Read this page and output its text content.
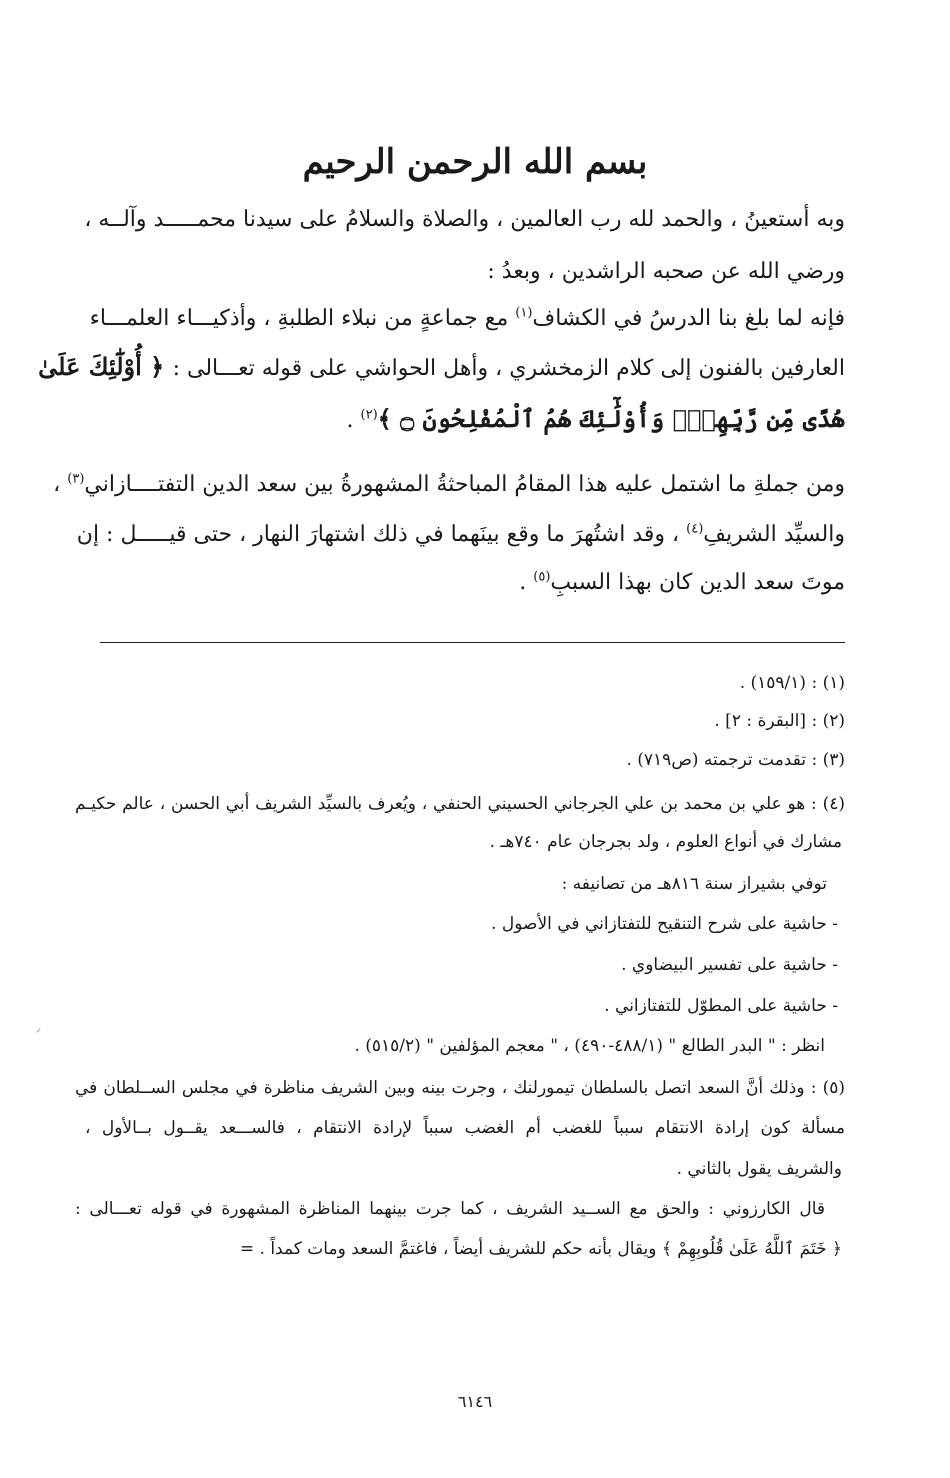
بسم الله الرحمن الرحيم
وبه أستعينُ ، والحمد لله رب العالمين ، والصلاة والسلامُ على سيدنا محمـــــد وآلــه ،
ورضي الله عن صحبه الراشدين ، وبعدُ :
فإنه لما بلغ بنا الدرسُ في الكشاف$^{(١)}$ مع جماعةٍ من نبلاء الطلبةِ ، وأذكيـــاء العلمـــاء
العارفين بالفنون إلى كلام الزمخشري ، وأهل الحواشي على قوله تعـــالى : ﴿ أُوْلَٰٓئِكَ عَلَىٰ
هُدًى مِّن رَّبِّهِمْۖ وَأُوْلَٰٓئِكَ هُمُ ٱلْمُفْلِحُونَ ۝ ﴾$^{(٢)}$ .
ومن جملةِ ما اشتمل عليه هذا المقامُ المباحثةُ المشهورةُ بين سعد الدين التفتــــازاني$^{(٣)}$ ،
والسيِّد الشريفِ$^{(٤)}$ ، وقد اشتُهرَ ما وقع بينَهما في ذلك اشتهارَ النهار ، حتى قيـــــل : إن
موتَ سعد الدين كان بهذا السببِ$^{(٥)}$ .
(١) : (١٥٩/١) .
(٢) : [البقرة : ٢] .
(٣) : تقدمت ترجمته (ص٧١٩) .
(٤) : هو علي بن محمد بن علي الجرجاني الحسيني الحنفي ، ويُعرف بالسيِّد الشريف أبي الحسن ، عالم حكيـم
مشارك في أنواع العلوم ، ولد بجرجان عام ٧٤٠هـ .
توفي بشيراز سنة ٨١٦هـ من تصانيفه :
- حاشية على شرح التنقيح للتفتازاني في الأصول .
- حاشية على تفسير البيضاوي .
- حاشية على المطوّل للتفتازاني .
انظر : " البدر الطالع " (٤٨٨/١-٤٩٠) ، " معجم المؤلفين " (٥١٥/٢) .
(٥) : وذلك أنَّ السعد اتصل بالسلطان تيمورلنك ، وجرت بينه وبين الشريف مناظرة في مجلس الســلطان في
مسألة كون إرادة الانتقام سبباً للغضب أم الغضب سبباً لإرادة الانتقام ، فالســـعد يقــول بــالأول ،
والشريف يقول بالثاني .
قال الكارزوني : والحق مع الســيد الشريف ، كما جرت بينهما المناظرة المشهورة في قوله تعـــالى :
﴿ خَتَمَ ٱللَّهُ عَلَىٰ قُلُوبِهِمْ ﴾ ويقال بأنه حكم للشريف أيضاً ، فاغتمَّ السعد ومات كمداً . =
٦١٤٦
